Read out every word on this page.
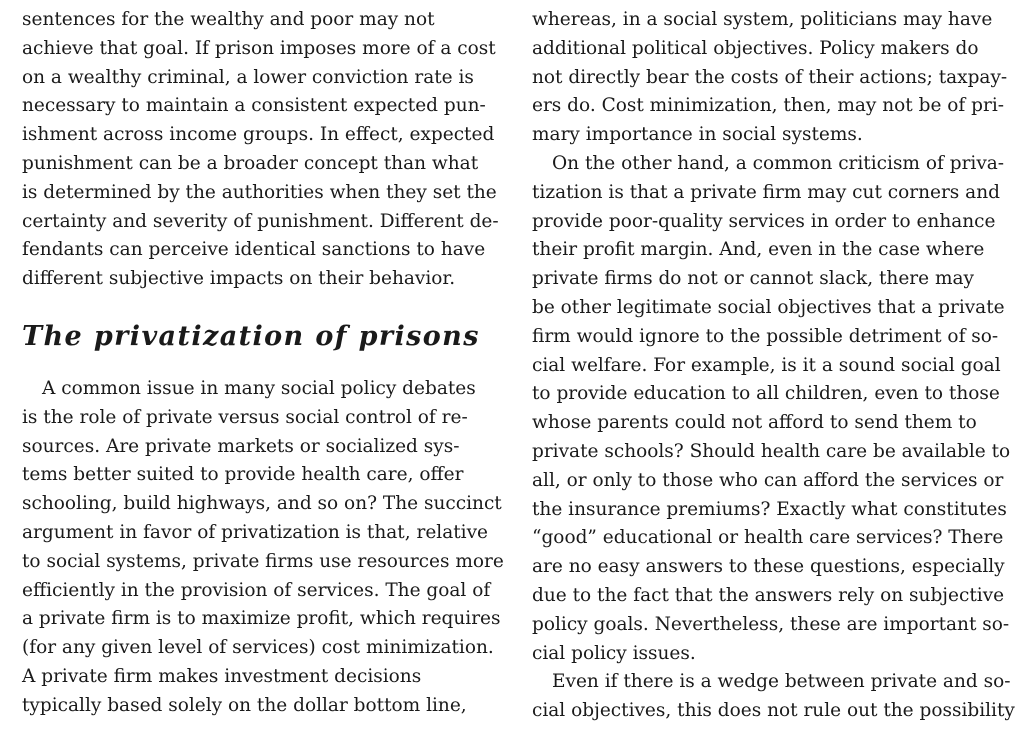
sentences for the wealthy and poor may not
achieve that goal. If prison imposes more of a cost
on a wealthy criminal, a lower conviction rate is
necessary to maintain a consistent expected pun-
ishment across income groups. In effect, expected
punishment can be a broader concept than what
is determined by the authorities when they set the
certainty and severity of punishment. Different de-
fendants can perceive identical sanctions to have
different subjective impacts on their behavior.
The privatization of prisons
A common issue in many social policy debates
is the role of private versus social control of re-
sources. Are private markets or socialized sys-
tems better suited to provide health care, offer
schooling, build highways, and so on? The succinct
argument in favor of privatization is that, relative
to social systems, private firms use resources more
efficiently in the provision of services. The goal of
a private firm is to maximize profit, which requires
(for any given level of services) cost minimization.
A private firm makes investment decisions
typically based solely on the dollar bottom line,
whereas, in a social system, politicians may have
additional political objectives. Policy makers do
not directly bear the costs of their actions; taxpay-
ers do. Cost minimization, then, may not be of pri-
mary importance in social systems.
On the other hand, a common criticism of priva-
tization is that a private firm may cut corners and
provide poor-quality services in order to enhance
their profit margin. And, even in the case where
private firms do not or cannot slack, there may
be other legitimate social objectives that a private
firm would ignore to the possible detriment of so-
cial welfare. For example, is it a sound social goal
to provide education to all children, even to those
whose parents could not afford to send them to
private schools? Should health care be available to
all, or only to those who can afford the services or
the insurance premiums? Exactly what constitutes
“good” educational or health care services? There
are no easy answers to these questions, especially
due to the fact that the answers rely on subjective
policy goals. Nevertheless, these are important so-
cial policy issues.
Even if there is a wedge between private and so-
cial objectives, this does not rule out the possibility
